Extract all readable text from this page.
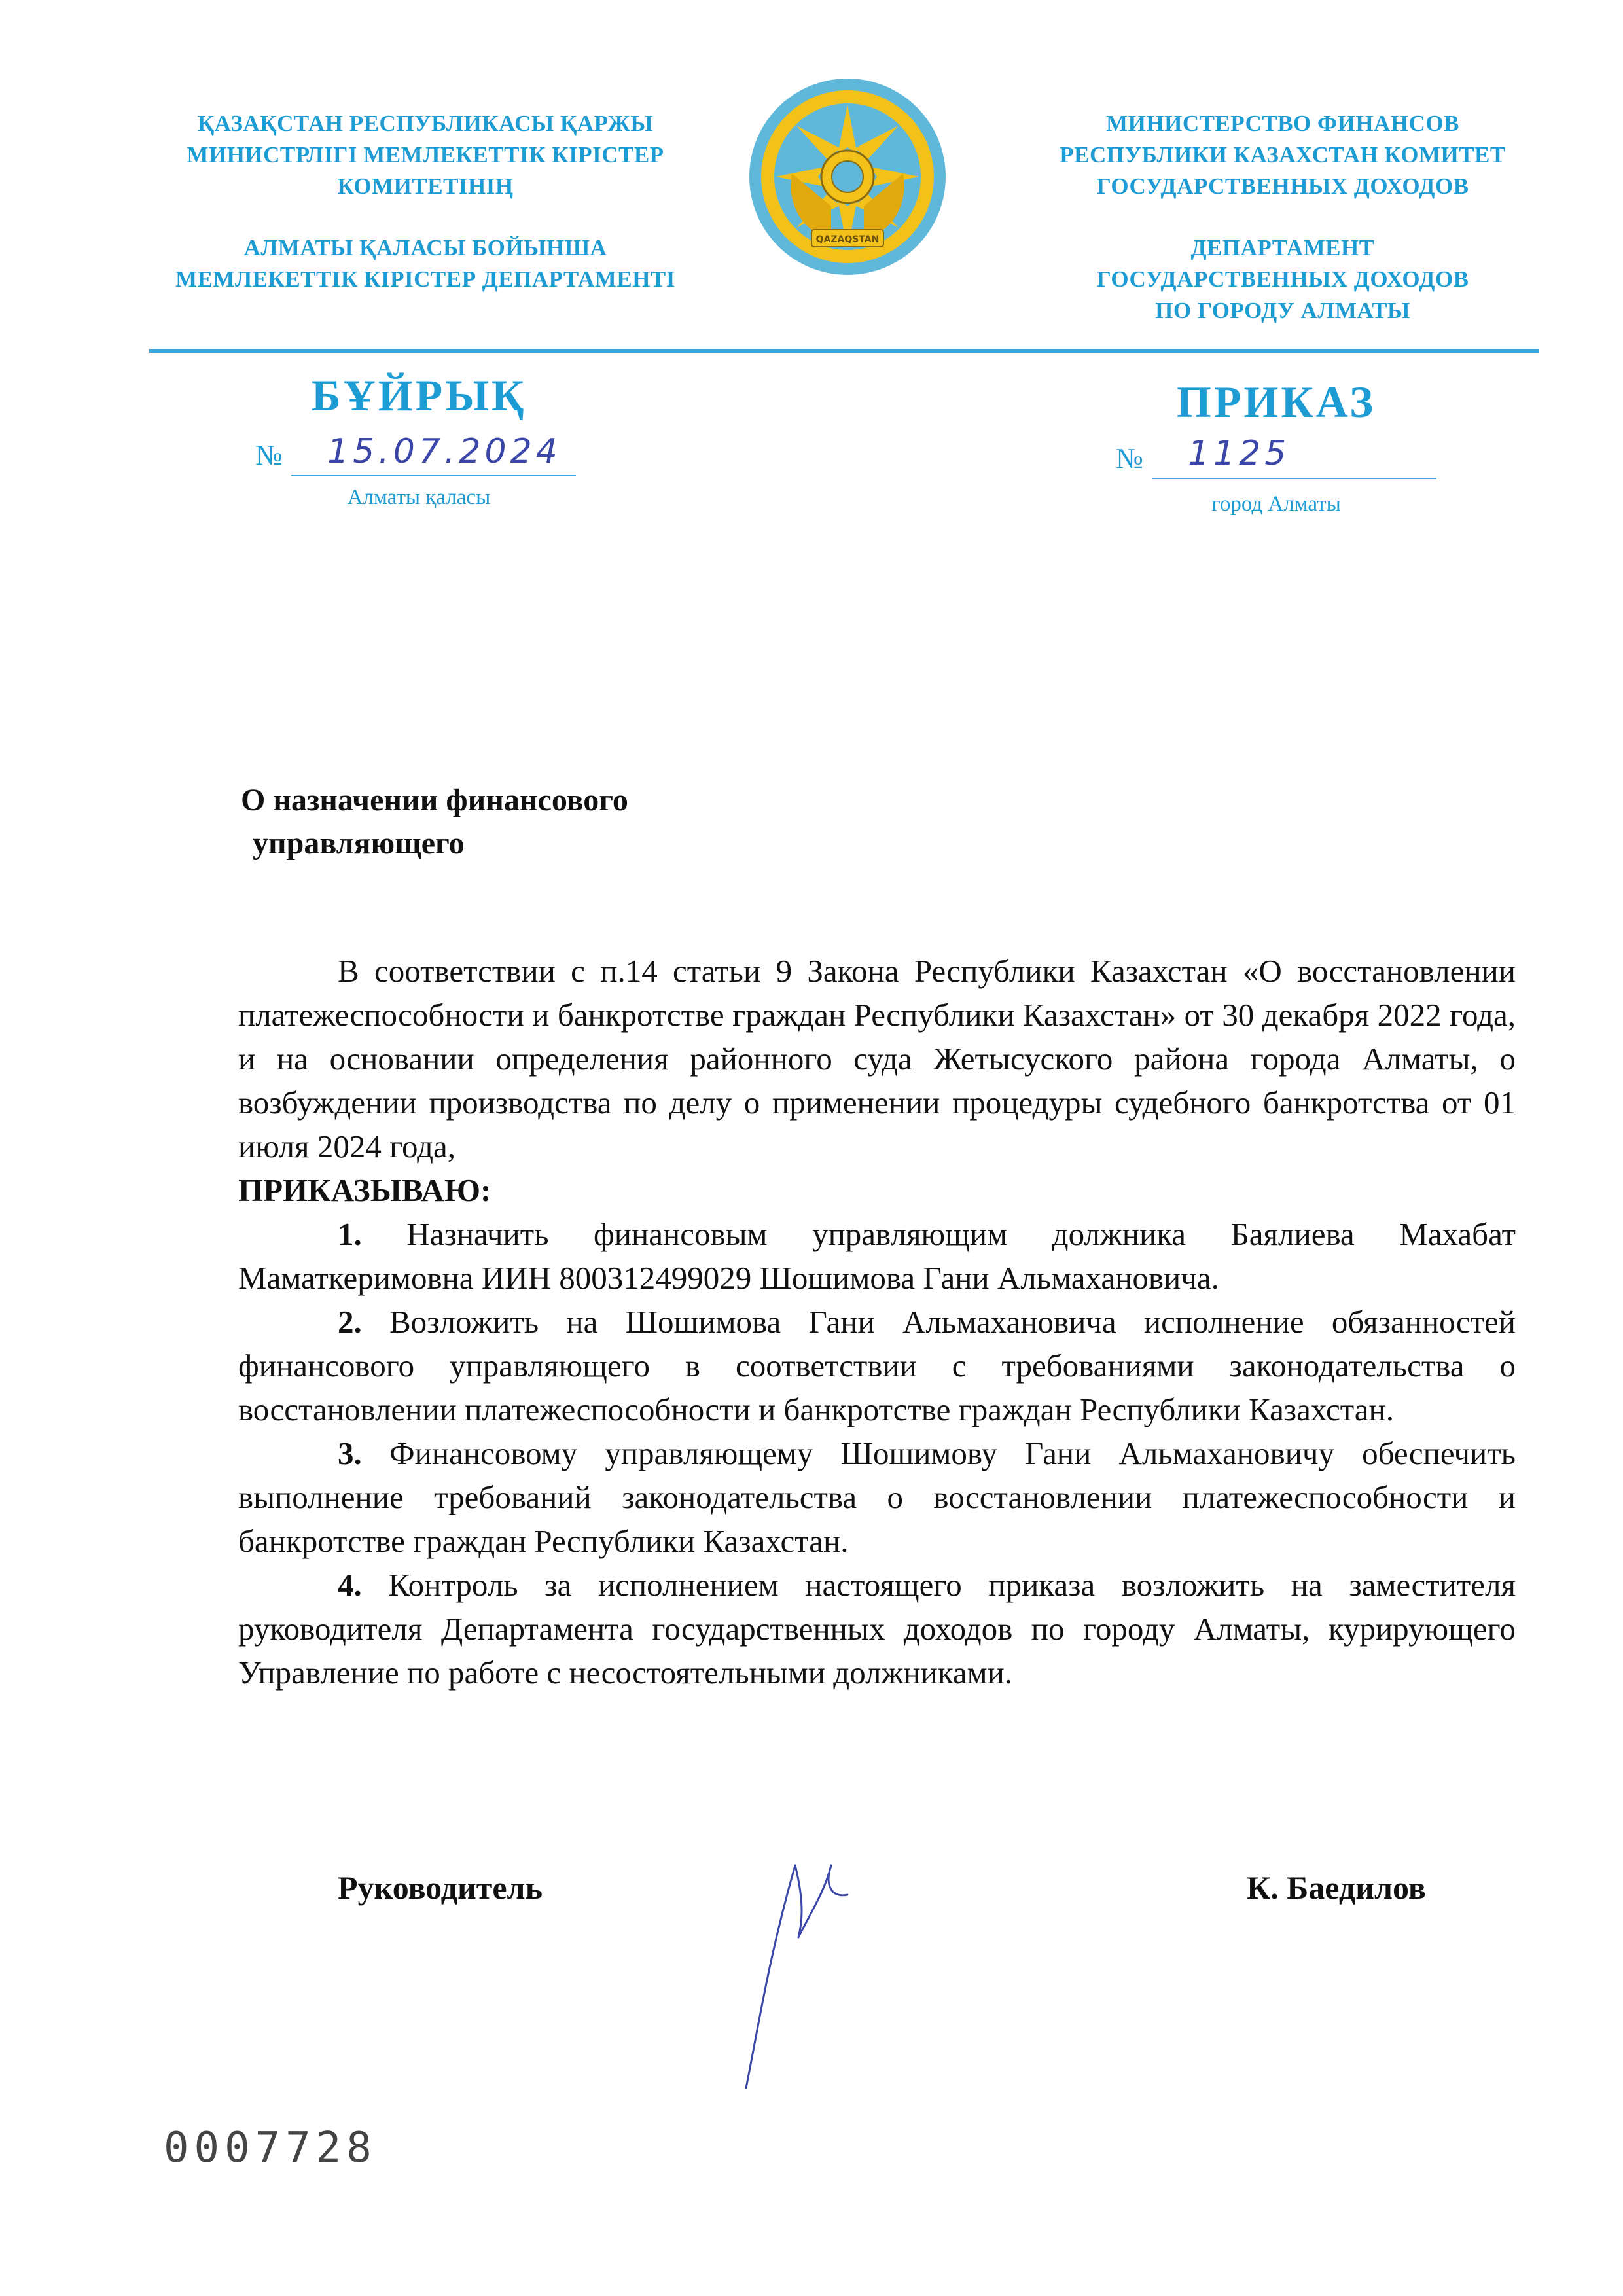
ҚАЗАҚСТАН РЕСПУБЛИКАСЫ ҚАРЖЫ
МИНИСТРЛІГІ МЕМЛЕКЕТТІК КІРІСТЕР
КОМИТЕТІНІҢ
АЛМАТЫ ҚАЛАСЫ БОЙЫНША
МЕМЛЕКЕТТІК КІРІСТЕР ДЕПАРТАМЕНТІ
QAZAQSTAN
МИНИСТЕРСТВО ФИНАНСОВ
РЕСПУБЛИКИ КАЗАХСТАН КОМИТЕТ
ГОСУДАРСТВЕННЫХ ДОХОДОВ
ДЕПАРТАМЕНТ
ГОСУДАРСТВЕННЫХ ДОХОДОВ
ПО ГОРОДУ АЛМАТЫ
БҰЙРЫҚ	ПРИКАЗ
№ 15.07.2024
Алматы қаласы
№ 1125
город Алматы
О назначении финансового
управляющего

В соответствии с п.14 статьи 9 Закона Республики Казахстан «О восстановлении платежеспособности и банкротстве граждан Республики Казахстан» от 30 декабря 2022 года, и на основании определения районного суда Жетысуского района города Алматы, о возбуждении производства по делу о применении процедуры судебного банкротства от 01 июля 2024 года,

ПРИКАЗЫВАЮ:

1. Назначить финансовым управляющим должника Баялиева Махабат Маматкеримовна ИИН 800312499029 Шошимова Гани Альмахановича.

2. Возложить на Шошимова Гани Альмахановича исполнение обязанностей финансового управляющего в соответствии с требованиями законодательства о восстановлении платежеспособности и банкротстве граждан Республики Казахстан.

3. Финансовому управляющему Шошимову Гани Альмахановичу обеспечить выполнение требований законодательства о восстановлении платежеспособности и банкротстве граждан Республики Казахстан.

4. Контроль за исполнением настоящего приказа возложить на заместителя руководителя Департамента государственных доходов по городу Алматы, курирующего Управление по работе с несостоятельными должниками.

Руководитель	К. Баедилов
0007728
